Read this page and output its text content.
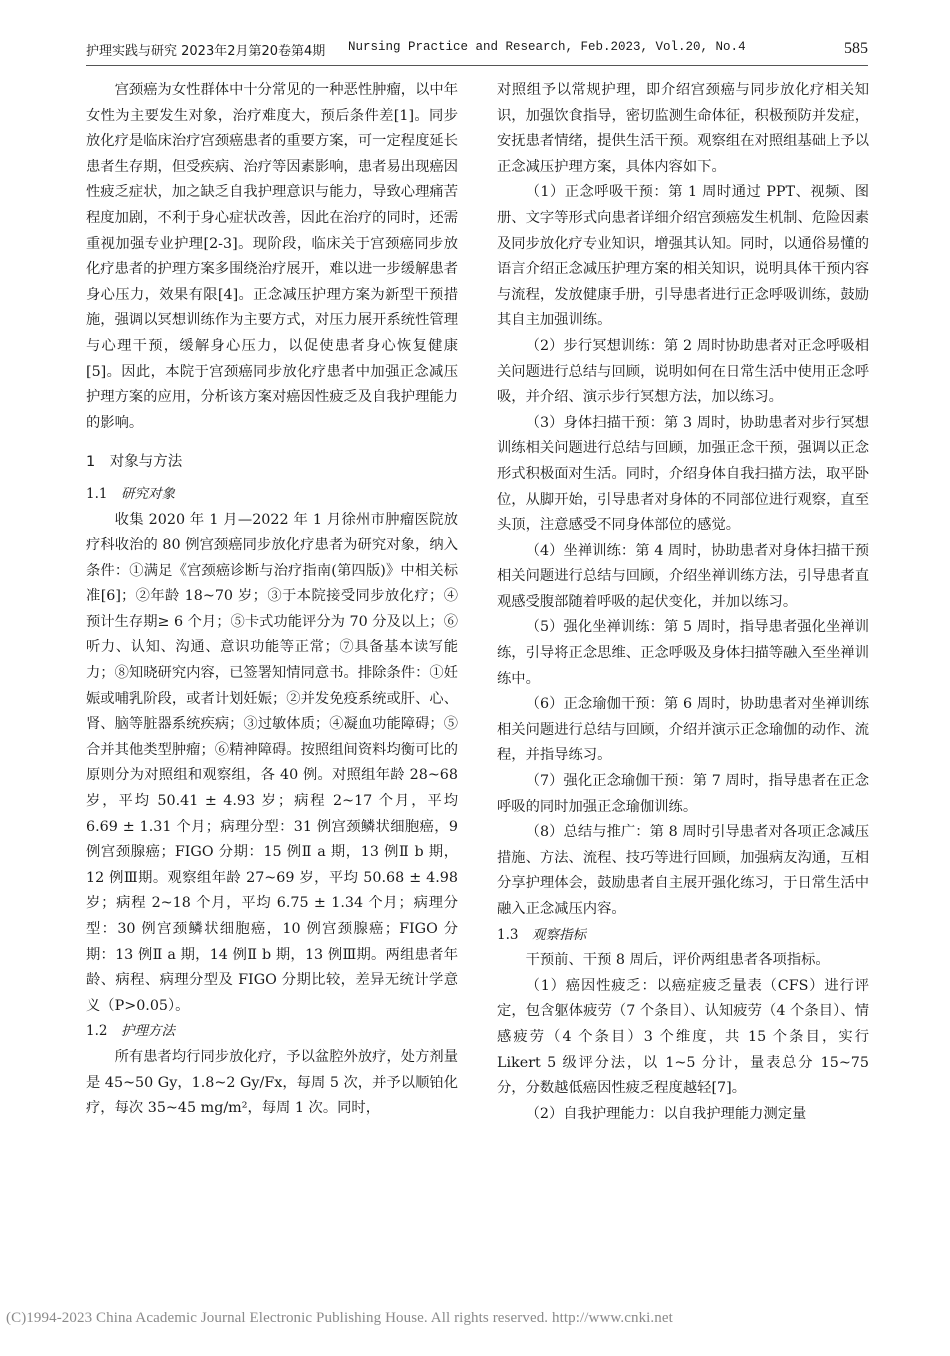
护理实践与研究 2023年2月第20卷第4期 Nursing Practice and Research, Feb.2023, Vol.20, No.4	585

宫颈癌为女性群体中十分常见的一种恶性肿瘤，以中年女性为主要发生对象，治疗难度大，预后条件差[1]。同步放化疗是临床治疗宫颈癌患者的重要方案，可一定程度延长患者生存期，但受疾病、治疗等因素影响，患者易出现癌因性疲乏症状，加之缺乏自我护理意识与能力，导致心理痛苦程度加剧，不利于身心症状改善，因此在治疗的同时，还需重视加强专业护理[2-3]。现阶段，临床关于宫颈癌同步放化疗患者的护理方案多围绕治疗展开，难以进一步缓解患者身心压力，效果有限[4]。正念减压护理方案为新型干预措施，强调以冥想训练作为主要方式，对压力展开系统性管理与心理干预，缓解身心压力，以促使患者身心恢复健康[5]。因此，本院于宫颈癌同步放化疗患者中加强正念减压护理方案的应用，分析该方案对癌因性疲乏及自我护理能力的影响。

1　对象与方法

1.1　研究对象

收集 2020 年 1 月—2022 年 1 月徐州市肿瘤医院放疗科收治的 80 例宫颈癌同步放化疗患者为研究对象，纳入条件：①满足《宫颈癌诊断与治疗指南(第四版)》中相关标准[6]；②年龄 18~70 岁；③于本院接受同步放化疗；④预计生存期≥ 6 个月；⑤卡式功能评分为 70 分及以上；⑥听力、认知、沟通、意识功能等正常；⑦具备基本读写能力；⑧知晓研究内容，已签署知情同意书。排除条件：①妊娠或哺乳阶段，或者计划妊娠；②并发免疫系统或肝、心、肾、脑等脏器系统疾病；③过敏体质；④凝血功能障碍；⑤合并其他类型肿瘤；⑥精神障碍。按照组间资料均衡可比的原则分为对照组和观察组，各 40 例。对照组年龄 28~68 岁，平均 50.41 ± 4.93 岁；病程 2~17 个月，平均 6.69 ± 1.31 个月；病理分型：31 例宫颈鳞状细胞癌，9 例宫颈腺癌；FIGO 分期：15 例Ⅱ a 期，13 例Ⅱ b 期，12 例Ⅲ期。观察组年龄 27~69 岁，平均 50.68 ± 4.98 岁；病程 2~18 个月，平均 6.75 ± 1.34 个月；病理分型：30 例宫颈鳞状细胞癌，10 例宫颈腺癌；FIGO 分期：13 例Ⅱ a 期，14 例Ⅱ b 期，13 例Ⅲ期。两组患者年龄、病程、病理分型及 FIGO 分期比较，差异无统计学意义（P>0.05）。

1.2　护理方法

所有患者均行同步放化疗，予以盆腔外放疗，处方剂量是 45~50 Gy，1.8~2 Gy/Fx，每周 5 次，并予以顺铂化疗，每次 35~45 mg/m²，每周 1 次。同时，

对照组予以常规护理，即介绍宫颈癌与同步放化疗相关知识，加强饮食指导，密切监测生命体征，积极预防并发症，安抚患者情绪，提供生活干预。观察组在对照组基础上予以正念减压护理方案，具体内容如下。

（1）正念呼吸干预：第 1 周时通过 PPT、视频、图册、文字等形式向患者详细介绍宫颈癌发生机制、危险因素及同步放化疗专业知识，增强其认知。同时，以通俗易懂的语言介绍正念减压护理方案的相关知识，说明具体干预内容与流程，发放健康手册，引导患者进行正念呼吸训练，鼓励其自主加强训练。

（2）步行冥想训练：第 2 周时协助患者对正念呼吸相关问题进行总结与回顾，说明如何在日常生活中使用正念呼吸，并介绍、演示步行冥想方法，加以练习。

（3）身体扫描干预：第 3 周时，协助患者对步行冥想训练相关问题进行总结与回顾，加强正念干预，强调以正念形式积极面对生活。同时，介绍身体自我扫描方法，取平卧位，从脚开始，引导患者对身体的不同部位进行观察，直至头顶，注意感受不同身体部位的感觉。

（4）坐禅训练：第 4 周时，协助患者对身体扫描干预相关问题进行总结与回顾，介绍坐禅训练方法，引导患者直观感受腹部随着呼吸的起伏变化，并加以练习。

（5）强化坐禅训练：第 5 周时，指导患者强化坐禅训练，引导将正念思维、正念呼吸及身体扫描等融入至坐禅训练中。

（6）正念瑜伽干预：第 6 周时，协助患者对坐禅训练相关问题进行总结与回顾，介绍并演示正念瑜伽的动作、流程，并指导练习。

（7）强化正念瑜伽干预：第 7 周时，指导患者在正念呼吸的同时加强正念瑜伽训练。

（8）总结与推广：第 8 周时引导患者对各项正念减压措施、方法、流程、技巧等进行回顾，加强病友沟通，互相分享护理体会，鼓励患者自主展开强化练习，于日常生活中融入正念减压内容。

1.3　观察指标

干预前、干预 8 周后，评价两组患者各项指标。

（1）癌因性疲乏：以癌症疲乏量表（CFS）进行评定，包含躯体疲劳（7 个条目）、认知疲劳（4 个条目）、情感疲劳（4 个条目）3 个维度，共 15 个条目，实行 Likert 5 级评分法，以 1~5 分计，量表总分 15~75 分，分数越低癌因性疲乏程度越轻[7]。

（2）自我护理能力：以自我护理能力测定量

(C)1994-2023 China Academic Journal Electronic Publishing House. All rights reserved. http://www.cnki.net
